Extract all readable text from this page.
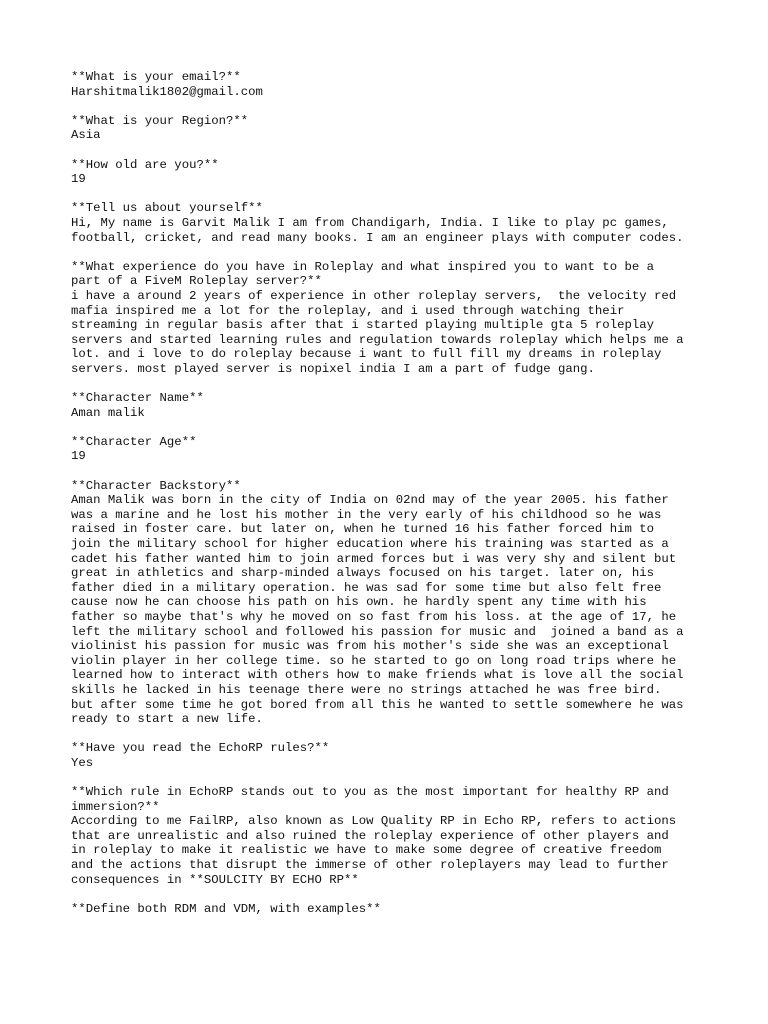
**What is your email?**
Harshitmalik1802@gmail.com
**What is your Region?**
Asia
**How old are you?**
19
**Tell us about yourself**
Hi, My name is Garvit Malik I am from Chandigarh, India. I like to play pc games,
football, cricket, and read many books. I am an engineer plays with computer codes.
**What experience do you have in Roleplay and what inspired you to want to be a
part of a FiveM Roleplay server?**
i have a around 2 years of experience in other roleplay servers,  the velocity red
mafia inspired me a lot for the roleplay, and i used through watching their
streaming in regular basis after that i started playing multiple gta 5 roleplay
servers and started learning rules and regulation towards roleplay which helps me a
lot. and i love to do roleplay because i want to full fill my dreams in roleplay
servers. most played server is nopixel india I am a part of fudge gang.
**Character Name**
Aman malik
**Character Age**
19
**Character Backstory**
Aman Malik was born in the city of India on 02nd may of the year 2005. his father
was a marine and he lost his mother in the very early of his childhood so he was
raised in foster care. but later on, when he turned 16 his father forced him to
join the military school for higher education where his training was started as a
cadet his father wanted him to join armed forces but i was very shy and silent but
great in athletics and sharp-minded always focused on his target. later on, his
father died in a military operation. he was sad for some time but also felt free
cause now he can choose his path on his own. he hardly spent any time with his
father so maybe that's why he moved on so fast from his loss. at the age of 17, he
left the military school and followed his passion for music and  joined a band as a
violinist his passion for music was from his mother's side she was an exceptional
violin player in her college time. so he started to go on long road trips where he
learned how to interact with others how to make friends what is love all the social
skills he lacked in his teenage there were no strings attached he was free bird.
but after some time he got bored from all this he wanted to settle somewhere he was
ready to start a new life.
**Have you read the EchoRP rules?**
Yes
**Which rule in EchoRP stands out to you as the most important for healthy RP and
immersion?**
According to me FailRP, also known as Low Quality RP in Echo RP, refers to actions
that are unrealistic and also ruined the roleplay experience of other players and
in roleplay to make it realistic we have to make some degree of creative freedom
and the actions that disrupt the immerse of other roleplayers may lead to further
consequences in **SOULCITY BY ECHO RP**
**Define both RDM and VDM, with examples**
